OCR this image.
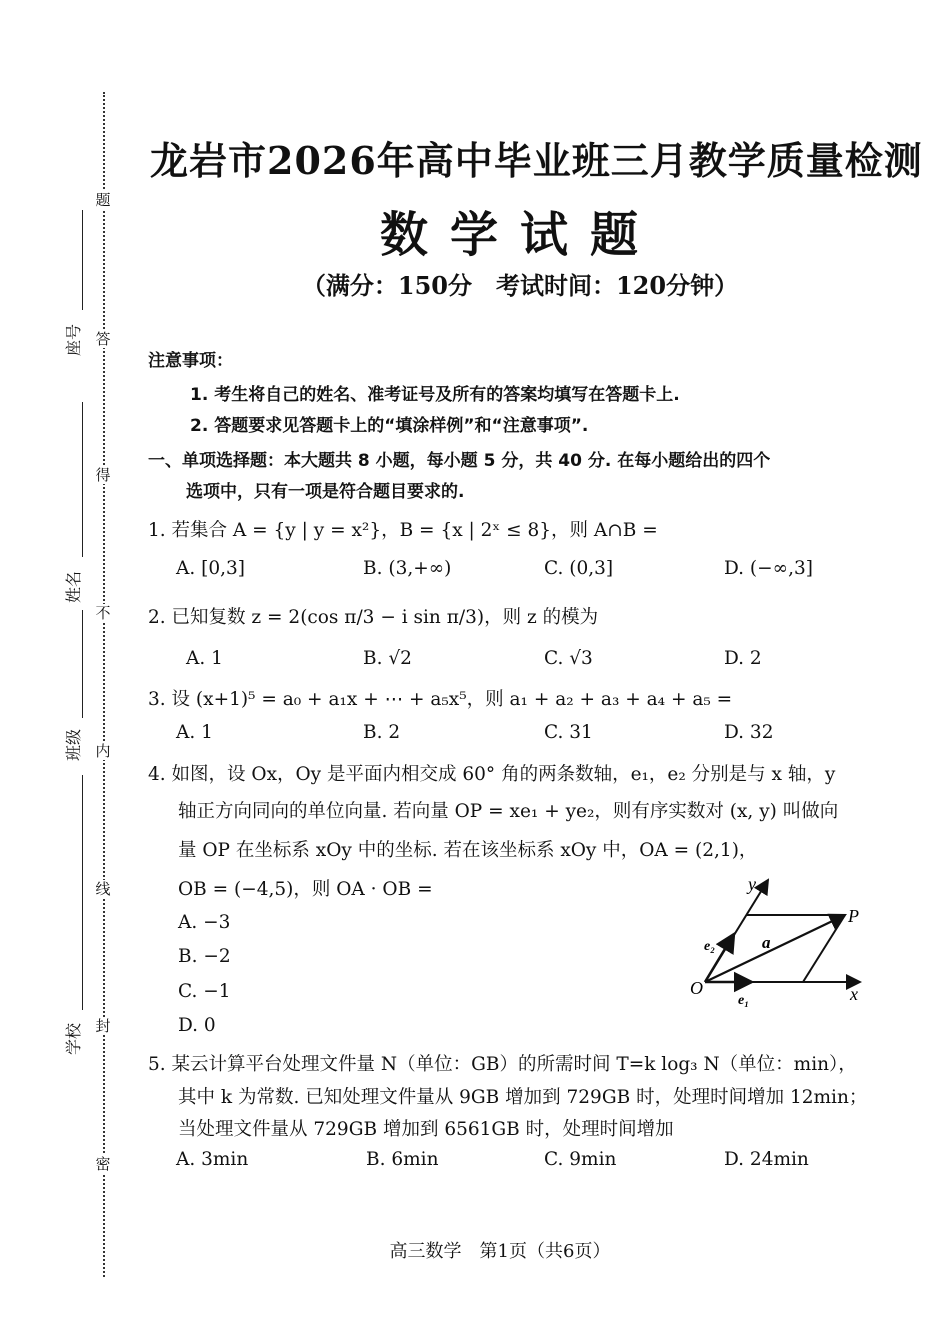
题
答
得
不
内
线
封
密
座号
姓名
班级
学校
龙岩市2026年高中毕业班三月教学质量检测
数学试题
（满分：150分　考试时间：120分钟）
注意事项：
1. 考生将自己的姓名、准考证号及所有的答案均填写在答题卡上.
2. 答题要求见答题卡上的“填涂样例”和“注意事项”.
一、单项选择题：本大题共 8 小题，每小题 5 分，共 40 分. 在每小题给出的四个
选项中，只有一项是符合题目要求的.
1. 若集合 A = {y | y = x²}，B = {x | 2ˣ ≤ 8}，则 A∩B =
A. [0,3]	B. (3,+∞)	C. (0,3]	D. (−∞,3]
2. 已知复数 z = 2(cos π/3 − i sin π/3)，则 z 的模为
A. 1	B. √2	C. √3	D. 2
3. 设 (x+1)⁵ = a₀ + a₁x + ⋯ + a₅x⁵，则 a₁ + a₂ + a₃ + a₄ + a₅ =
A. 1	B. 2	C. 31	D. 32
4. 如图，设 Ox，Oy 是平面内相交成 60° 角的两条数轴，e₁，e₂ 分别是与 x 轴，y
轴正方向同向的单位向量. 若向量 OP = xe₁ + ye₂，则有序实数对 (x, y) 叫做向
量 OP 在坐标系 xOy 中的坐标. 若在该坐标系 xOy 中，OA = (2,1)，
OB = (−4,5)，则 OA · OB =
A. −3
B. −2
C. −1
D. 0
O
P
x
y
e₂
e₁
a
5. 某云计算平台处理文件量 N（单位：GB）的所需时间 T=k log₃ N（单位：min），
其中 k 为常数. 已知处理文件量从 9GB 增加到 729GB 时，处理时间增加 12min；
当处理文件量从 729GB 增加到 6561GB 时，处理时间增加
A. 3min	B. 6min	C. 9min	D. 24min
高三数学　第1页（共6页）
